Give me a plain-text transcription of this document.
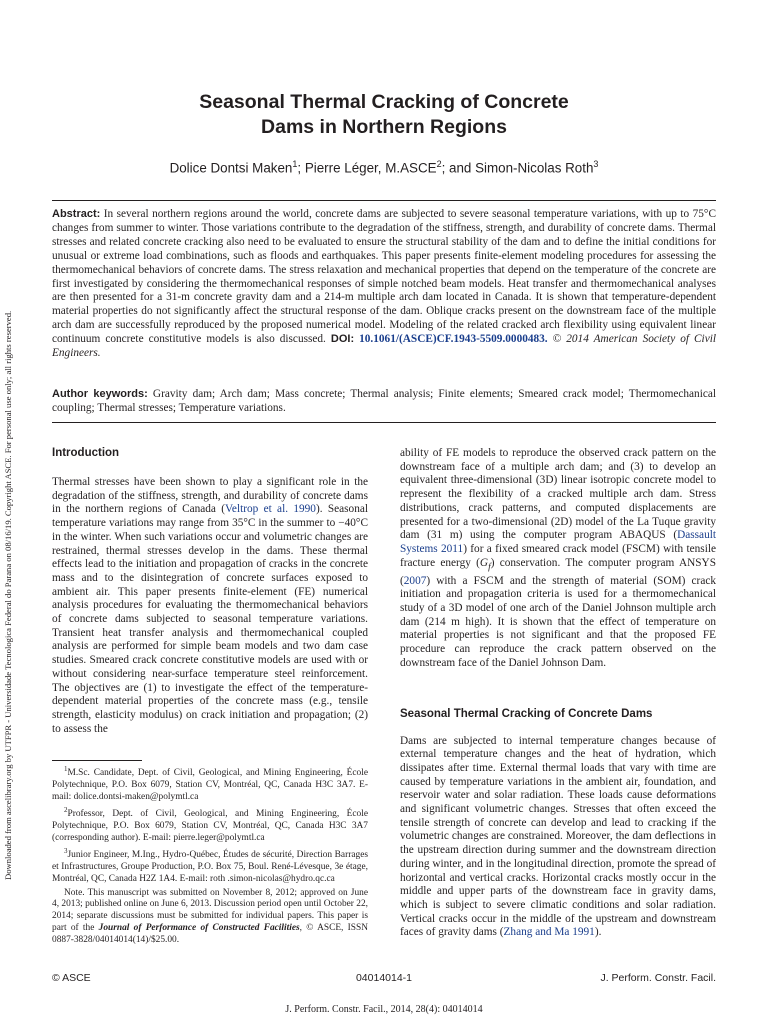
Downloaded from ascelibrary.org by UTFPR - Universidade Tecnologica Federal do Parana on 08/16/19. Copyright ASCE. For personal use only; all rights reserved.
Seasonal Thermal Cracking of Concrete
Dams in Northern Regions
Dolice Dontsi Maken$^1$; Pierre Léger, M.ASCE$^2$; and Simon-Nicolas Roth$^3$
Abstract: In several northern regions around the world, concrete dams are subjected to severe seasonal temperature variations, with up to 75°C changes from summer to winter. Those variations contribute to the degradation of the stiffness, strength, and durability of concrete dams. Thermal stresses and related concrete cracking also need to be evaluated to ensure the structural stability of the dam and to define the initial conditions for unusual or extreme load combinations, such as floods and earthquakes. This paper presents finite-element modeling procedures for assessing the thermomechanical behaviors of concrete dams. The stress relaxation and mechanical properties that depend on the temperature of the concrete are first investigated by considering the thermomechanical responses of simple notched beam models. Heat transfer and thermomechanical analyses are then presented for a 31-m concrete gravity dam and a 214-m multiple arch dam located in Canada. It is shown that temperature-dependent material properties do not significantly affect the structural response of the dam. Oblique cracks present on the downstream face of the multiple arch dam are successfully reproduced by the proposed numerical model. Modeling of the related cracked arch flexibility using equivalent linear continuum concrete constitutive models is also discussed. DOI: 10.1061/(ASCE)CF.1943-5509.0000483. © 2014 American Society of Civil Engineers.
Author keywords: Gravity dam; Arch dam; Mass concrete; Thermal analysis; Finite elements; Smeared crack model; Thermomechanical coupling; Thermal stresses; Temperature variations.
Introduction

Thermal stresses have been shown to play a significant role in the degradation of the stiffness, strength, and durability of concrete dams in the northern regions of Canada (Veltrop et al. 1990). Seasonal temperature variations may range from 35°C in the summer to −40°C in the winter. When such variations occur and volumetric changes are restrained, thermal stresses develop in the dams. These thermal effects lead to the initiation and propagation of cracks in the concrete mass and to the disintegration of concrete surfaces exposed to ambient air. This paper presents finite-element (FE) numerical analysis procedures for evaluating the thermomechanical behaviors of concrete dams subjected to seasonal temperature variations. Transient heat transfer analysis and thermomechanical coupled analysis are performed for simple beam models and two dam case studies. Smeared crack concrete constitutive models are used with or without considering near-surface temperature steel reinforcement. The objectives are (1) to investigate the effect of the temperature-dependent material properties of the concrete mass (e.g., tensile strength, elasticity modulus) on crack initiation and propagation; (2) to assess the

$^1$M.Sc. Candidate, Dept. of Civil, Geological, and Mining Engineering, École Polytechnique, P.O. Box 6079, Station CV, Montréal, QC, Canada H3C 3A7. E-mail: dolice.dontsi-maken@polymtl.ca

$^2$Professor, Dept. of Civil, Geological, and Mining Engineering, École Polytechnique, P.O. Box 6079, Station CV, Montréal, QC, Canada H3C 3A7 (corresponding author). E-mail: pierre.leger@polymtl.ca

$^3$Junior Engineer, M.Ing., Hydro-Québec, Études de sécurité, Direction Barrages et Infrastructures, Groupe Production, P.O. Box 75, Boul. René-Lévesque, 3e étage, Montréal, QC, Canada H2Z 1A4. E-mail: roth .simon-nicolas@hydro.qc.ca

Note. This manuscript was submitted on November 8, 2012; approved on June 4, 2013; published online on June 6, 2013. Discussion period open until October 22, 2014; separate discussions must be submitted for individual papers. This paper is part of the Journal of Performance of Constructed Facilities, © ASCE, ISSN 0887-3828/04014014(14)/$25.00.

ability of FE models to reproduce the observed crack pattern on the downstream face of a multiple arch dam; and (3) to develop an equivalent three-dimensional (3D) linear isotropic concrete model to represent the flexibility of a cracked multiple arch dam. Stress distributions, crack patterns, and computed displacements are presented for a two-dimensional (2D) model of the La Tuque gravity dam (31 m) using the computer program ABAQUS (Dassault Systems 2011) for a fixed smeared crack model (FSCM) with tensile fracture energy $(G_f)$ conservation. The computer program ANSYS (2007) with a FSCM and the strength of material (SOM) crack initiation and propagation criteria is used for a thermomechanical study of a 3D model of one arch of the Daniel Johnson multiple arch dam (214 m high). It is shown that the effect of temperature on material properties is not significant and that the proposed FE procedure can reproduce the crack pattern observed on the downstream face of the Daniel Johnson Dam.

Seasonal Thermal Cracking of Concrete Dams

Dams are subjected to internal temperature changes because of external temperature changes and the heat of hydration, which dissipates after time. External thermal loads that vary with time are caused by temperature variations in the ambient air, foundation, and reservoir water and solar radiation. These loads cause deformations and significant volumetric changes. Stresses that often exceed the tensile strength of concrete can develop and lead to cracking if the volumetric changes are constrained. Moreover, the dam deflections in the upstream direction during summer and the downstream direction during winter, and in the longitudinal direction, promote the spread of horizontal and vertical cracks. Horizontal cracks mostly occur in the middle and upper parts of the downstream face in gravity dams, which is subject to severe climatic conditions and solar radiation. Vertical cracks occur in the middle of the upstream and downstream faces of gravity dams (Zhang and Ma 1991).

© ASCE	04014014-1	J. Perform. Constr. Facil.
J. Perform. Constr. Facil., 2014, 28(4): 04014014
